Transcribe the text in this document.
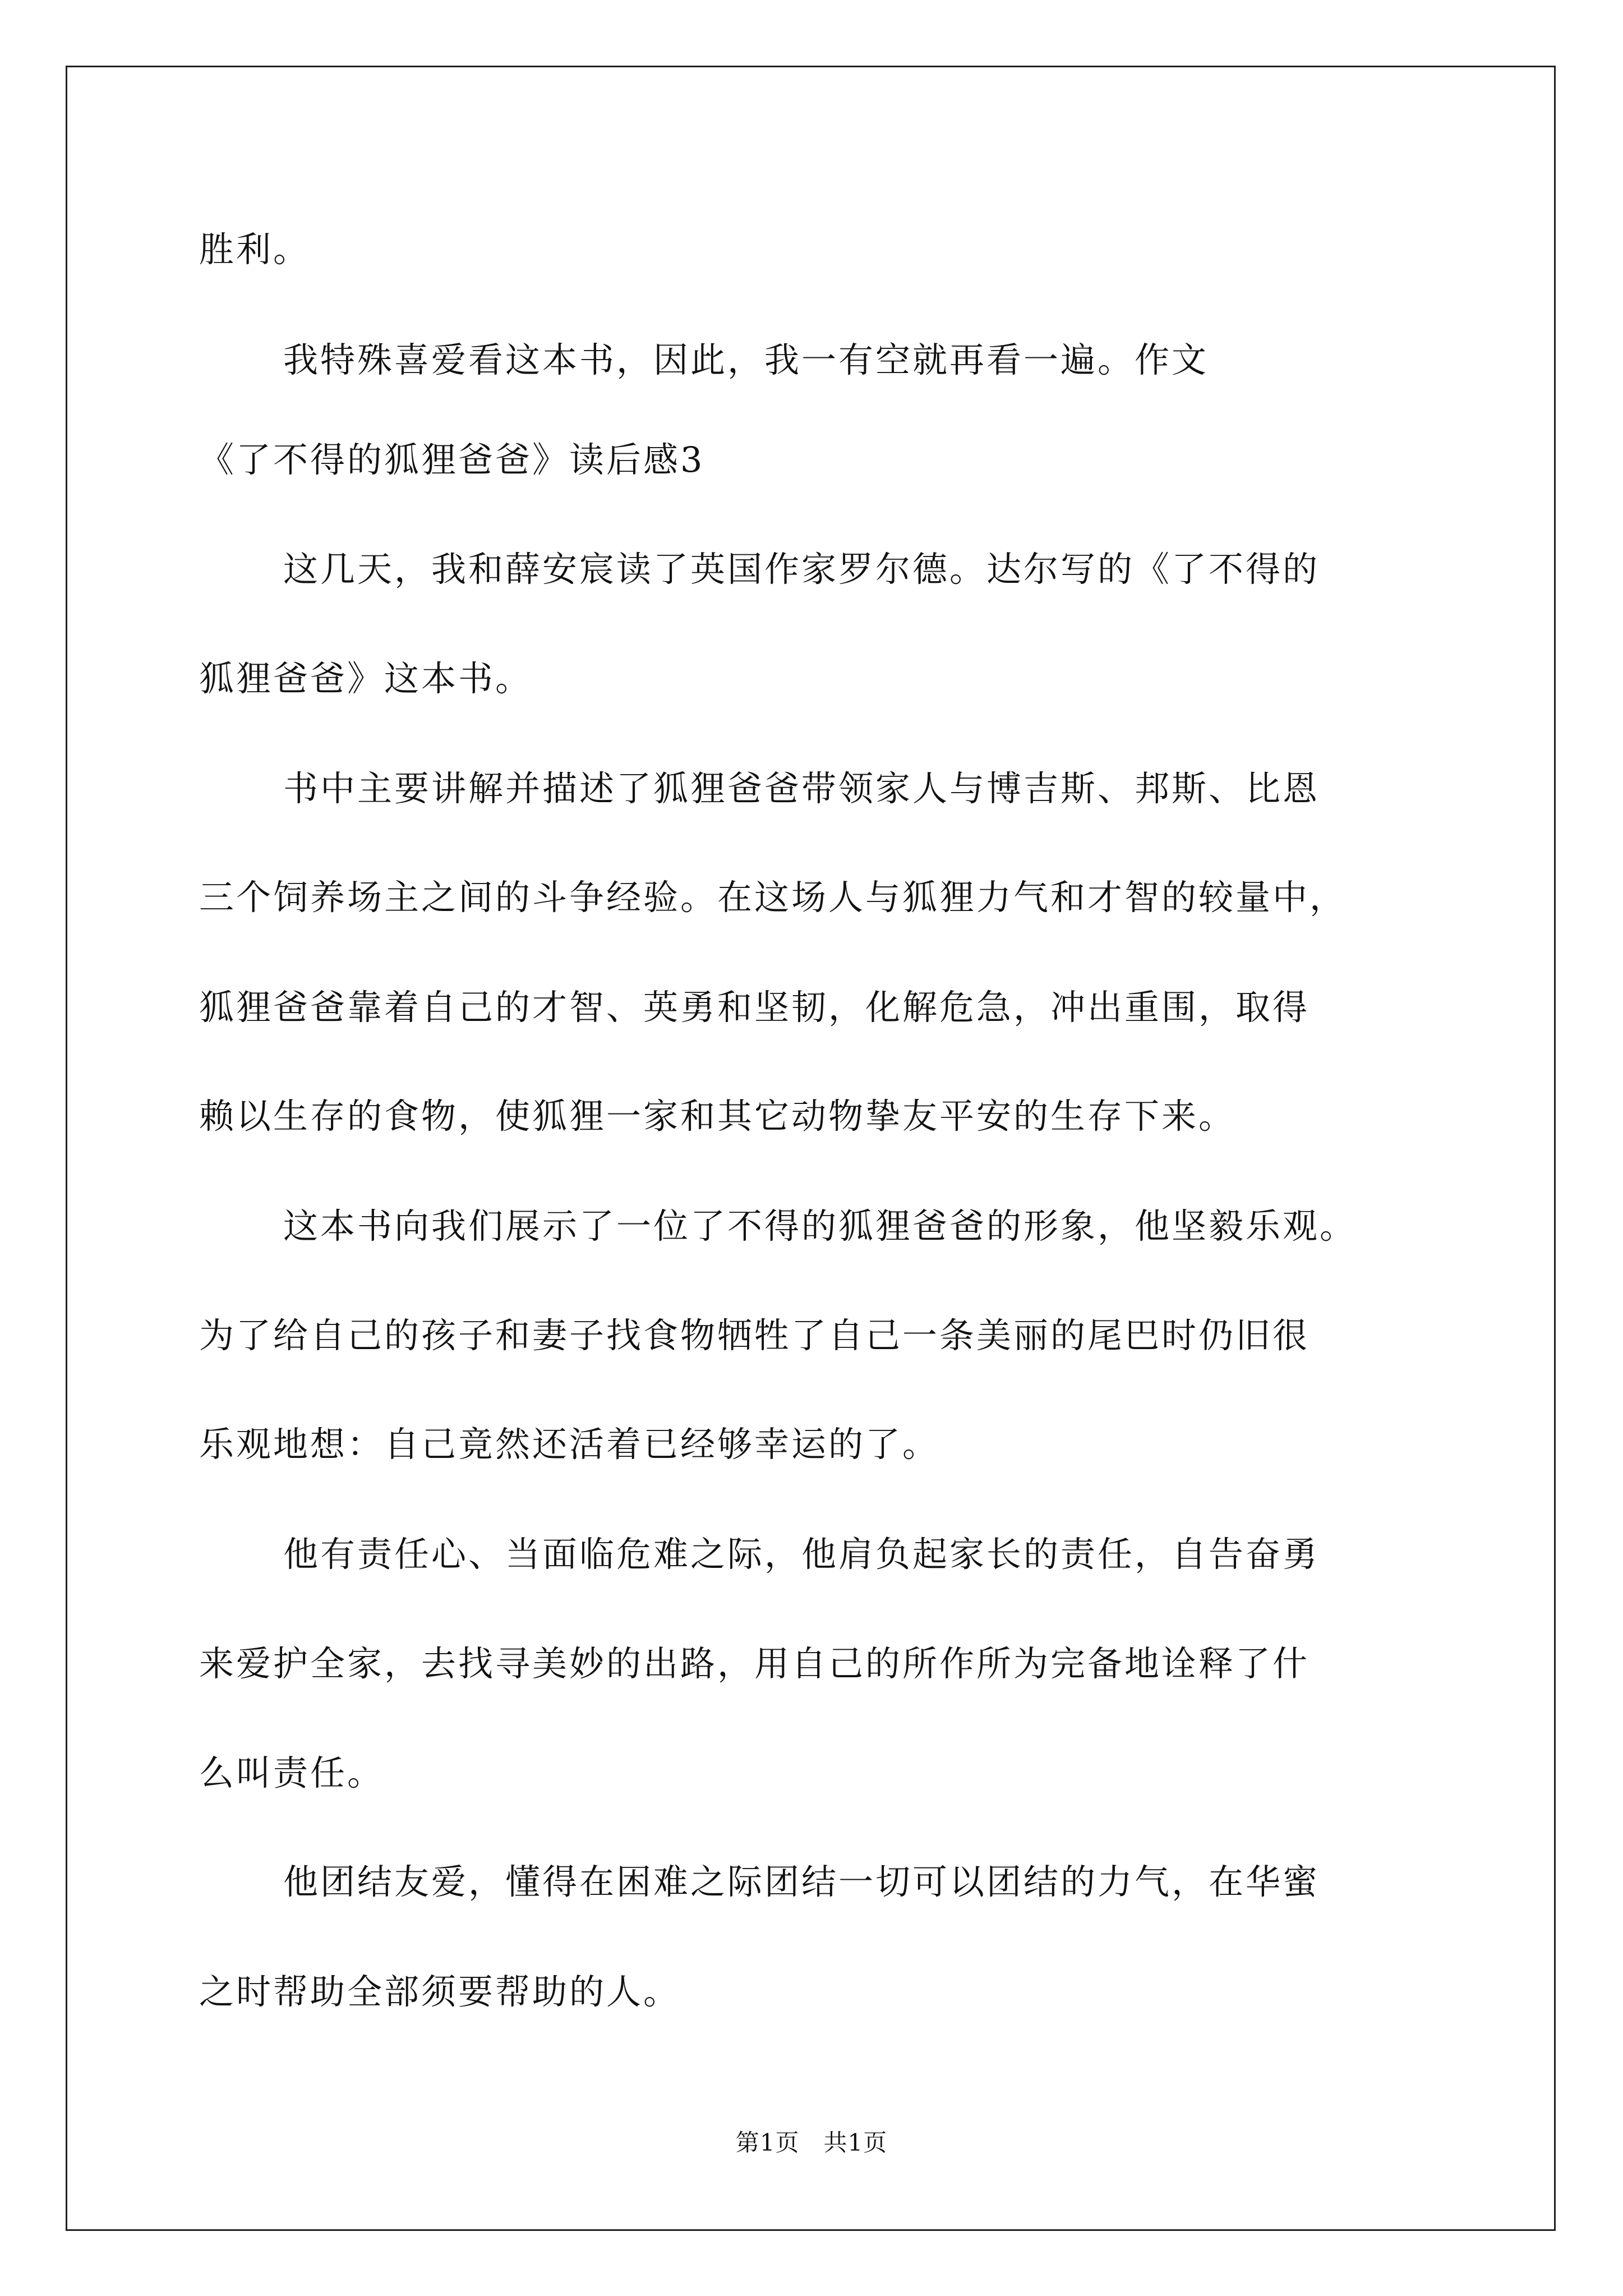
胜利。
我特殊喜爱看这本书，因此，我一有空就再看一遍。作文
《了不得的狐狸爸爸》读后感3
这几天，我和薛安宸读了英国作家罗尔德。达尔写的《了不得的
狐狸爸爸》这本书。
书中主要讲解并描述了狐狸爸爸带领家人与博吉斯、邦斯、比恩
三个饲养场主之间的斗争经验。在这场人与狐狸力气和才智的较量中，
狐狸爸爸靠着自己的才智、英勇和坚韧，化解危急，冲出重围，取得
赖以生存的食物，使狐狸一家和其它动物挚友平安的生存下来。
这本书向我们展示了一位了不得的狐狸爸爸的形象，他坚毅乐观。
为了给自己的孩子和妻子找食物牺牲了自己一条美丽的尾巴时仍旧很
乐观地想：自己竟然还活着已经够幸运的了。
他有责任心、当面临危难之际，他肩负起家长的责任，自告奋勇
来爱护全家，去找寻美妙的出路，用自己的所作所为完备地诠释了什
么叫责任。
他团结友爱，懂得在困难之际团结一切可以团结的力气，在华蜜
之时帮助全部须要帮助的人。
第1页　共1页
